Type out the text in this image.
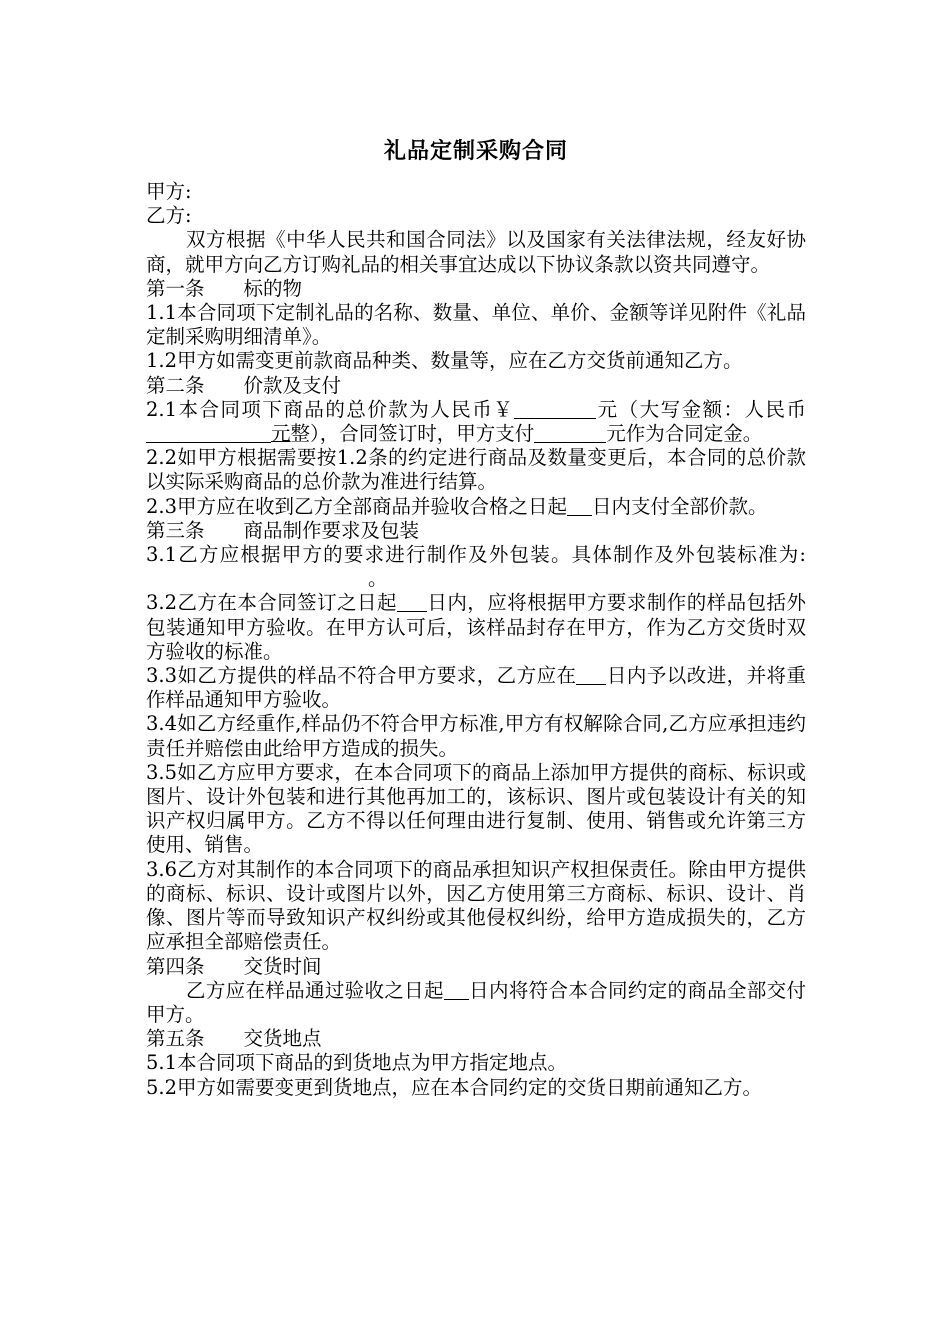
礼品定制采购合同

甲方:

乙方:

双方根据《中华人民共和国合同法》以及国家有关法律法规，经友好协商，就甲方向乙方订购礼品的相关事宜达成以下协议条款以资共同遵守。

第一条   标的物

1.1本合同项下定制礼品的名称、数量、单位、单价、金额等详见附件《礼品定制采购明细清单》。

1.2甲方如需变更前款商品种类、数量等，应在乙方交货前通知乙方。

第二条   价款及支付

2.1本合同项下商品的总价款为人民币￥	元（大写金额：人民币元整），合同签订时，甲方支付	元作为合同定金。

2.2如甲方根据需要按1.2条的约定进行商品及数量变更后，本合同的总价款以实际采购商品的总价款为准进行结算。

2.3甲方应在收到乙方全部商品并验收合格之日起 日内支付全部价款。

第三条   商品制作要求及包装

3.1乙方应根据甲方的要求进行制作及外包装。具体制作及外包装标准为:。

3.2乙方在本合同签订之日起 日内，应将根据甲方要求制作的样品包括外包装通知甲方验收。在甲方认可后，该样品封存在甲方，作为乙方交货时双方验收的标准。

3.3如乙方提供的样品不符合甲方要求，乙方应在 日内予以改进，并将重作样品通知甲方验收。

3.4如乙方经重作,样品仍不符合甲方标准,甲方有权解除合同,乙方应承担违约责任并赔偿由此给甲方造成的损失。

3.5如乙方应甲方要求，在本合同项下的商品上添加甲方提供的商标、标识或图片、设计外包装和进行其他再加工的，该标识、图片或包装设计有关的知识产权归属甲方。乙方不得以任何理由进行复制、使用、销售或允许第三方使用、销售。

3.6乙方对其制作的本合同项下的商品承担知识产权担保责任。除由甲方提供的商标、标识、设计或图片以外，因乙方使用第三方商标、标识、设计、肖像、图片等而导致知识产权纠纷或其他侵权纠纷，给甲方造成损失的，乙方应承担全部赔偿责任。

第四条   交货时间

乙方应在样品通过验收之日起 日内将符合本合同约定的商品全部交付甲方。

第五条   交货地点

5.1本合同项下商品的到货地点为甲方指定地点。

5.2甲方如需要变更到货地点，应在本合同约定的交货日期前通知乙方。
